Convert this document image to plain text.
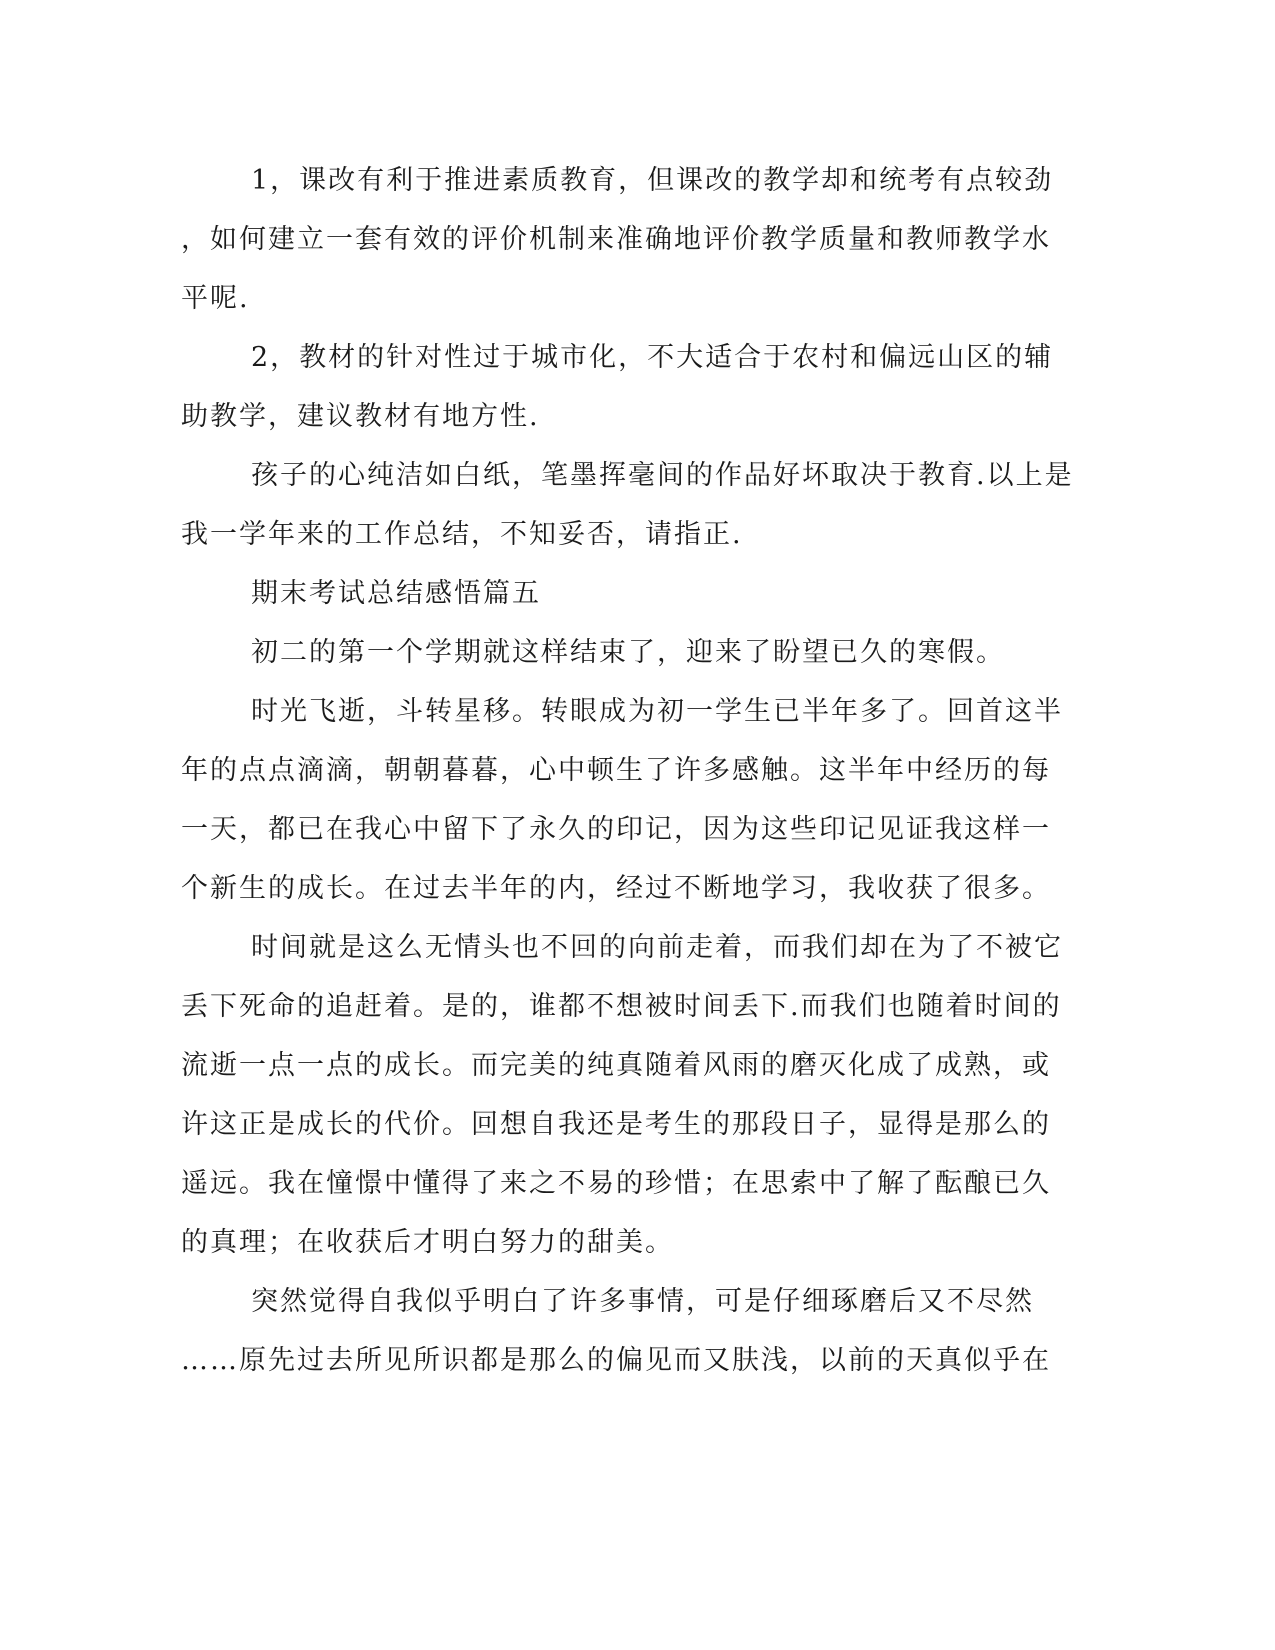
1，课改有利于推进素质教育，但课改的教学却和统考有点较劲
，如何建立一套有效的评价机制来准确地评价教学质量和教师教学水
平呢.
2，教材的针对性过于城市化，不大适合于农村和偏远山区的辅
助教学，建议教材有地方性.
孩子的心纯洁如白纸，笔墨挥毫间的作品好坏取决于教育.以上是
我一学年来的工作总结，不知妥否，请指正.
期末考试总结感悟篇五
初二的第一个学期就这样结束了，迎来了盼望已久的寒假。
时光飞逝，斗转星移。转眼成为初一学生已半年多了。回首这半
年的点点滴滴，朝朝暮暮，心中顿生了许多感触。这半年中经历的每
一天，都已在我心中留下了永久的印记，因为这些印记见证我这样一
个新生的成长。在过去半年的内，经过不断地学习，我收获了很多。
时间就是这么无情头也不回的向前走着，而我们却在为了不被它
丢下死命的追赶着。是的，谁都不想被时间丢下.而我们也随着时间的
流逝一点一点的成长。而完美的纯真随着风雨的磨灭化成了成熟，或
许这正是成长的代价。回想自我还是考生的那段日子，显得是那么的
遥远。我在憧憬中懂得了来之不易的珍惜；在思索中了解了酝酿已久
的真理；在收获后才明白努力的甜美。
突然觉得自我似乎明白了许多事情，可是仔细琢磨后又不尽然
……原先过去所见所识都是那么的偏见而又肤浅，以前的天真似乎在
